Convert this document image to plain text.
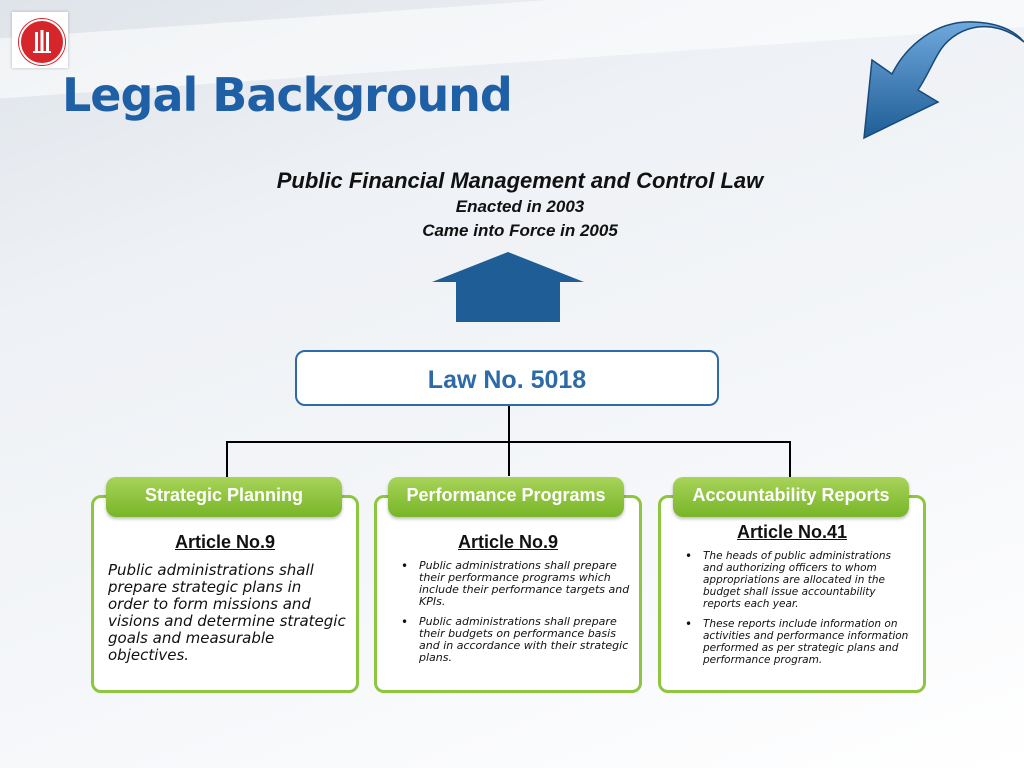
Legal Background
Public Financial Management and Control Law
Enacted in 2003
Came into Force in 2005
Law No. 5018
Article No.9
Public administrations shall prepare strategic plans in order to form missions and visions and determine strategic goals and measurable objectives.
Strategic Planning
Article No.9
• Public administrations shall prepare their performance programs which include their performance targets and KPIs.
• Public administrations shall prepare their budgets on performance basis and in accordance with their strategic plans.
Performance Programs
Article No.41
• The heads of public administrations and authorizing officers to whom appropriations are allocated in the budget shall issue accountability reports each year.
• These reports include information on activities and performance information performed as per strategic plans and performance program.
Accountability Reports
